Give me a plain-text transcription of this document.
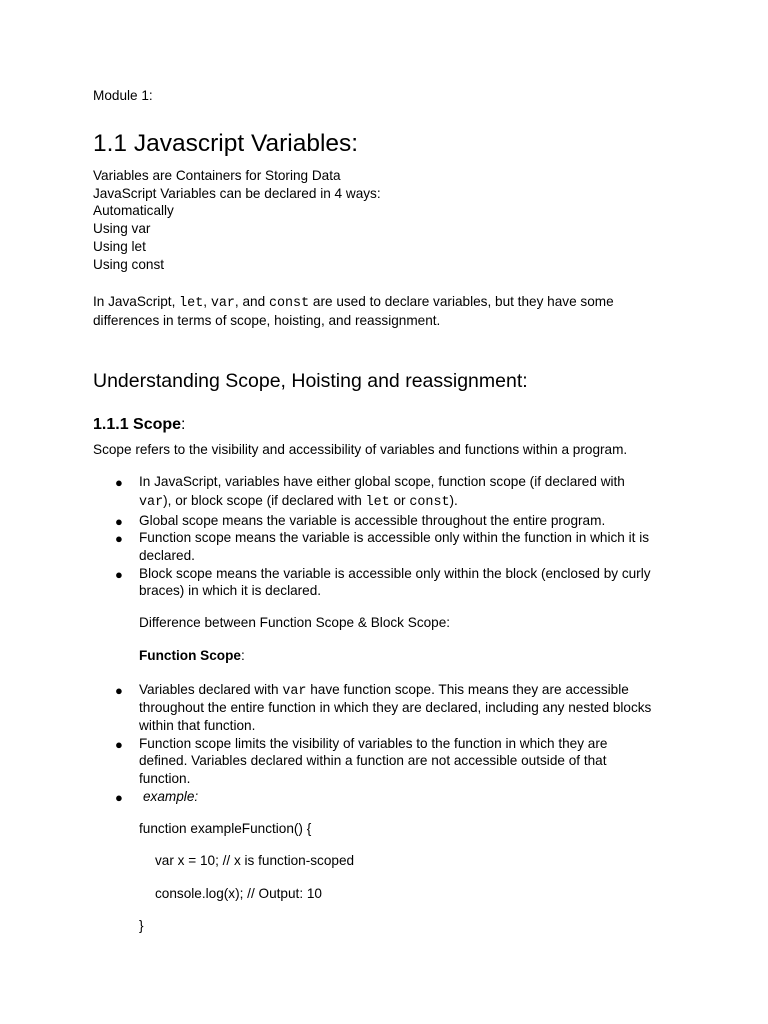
Module 1:
1.1 Javascript Variables:
Variables are Containers for Storing Data
JavaScript Variables can be declared in 4 ways:
Automatically
Using var
Using let
Using const
In JavaScript, let, var, and const are used to declare variables, but they have some
differences in terms of scope, hoisting, and reassignment.
Understanding Scope, Hoisting and reassignment:
1.1.1 Scope:
Scope refers to the visibility and accessibility of variables and functions within a program.
● In JavaScript, variables have either global scope, function scope (if declared with
var), or block scope (if declared with let or const).
● Global scope means the variable is accessible throughout the entire program.
● Function scope means the variable is accessible only within the function in which it is
declared.
● Block scope means the variable is accessible only within the block (enclosed by curly
braces) in which it is declared.
Difference between Function Scope & Block Scope:
Function Scope:
● Variables declared with var have function scope. This means they are accessible
throughout the entire function in which they are declared, including any nested blocks
within that function.
● Function scope limits the visibility of variables to the function in which they are
defined. Variables declared within a function are not accessible outside of that
function.
● example:
function exampleFunction() {
var x = 10; // x is function-scoped
console.log(x); // Output: 10
}
